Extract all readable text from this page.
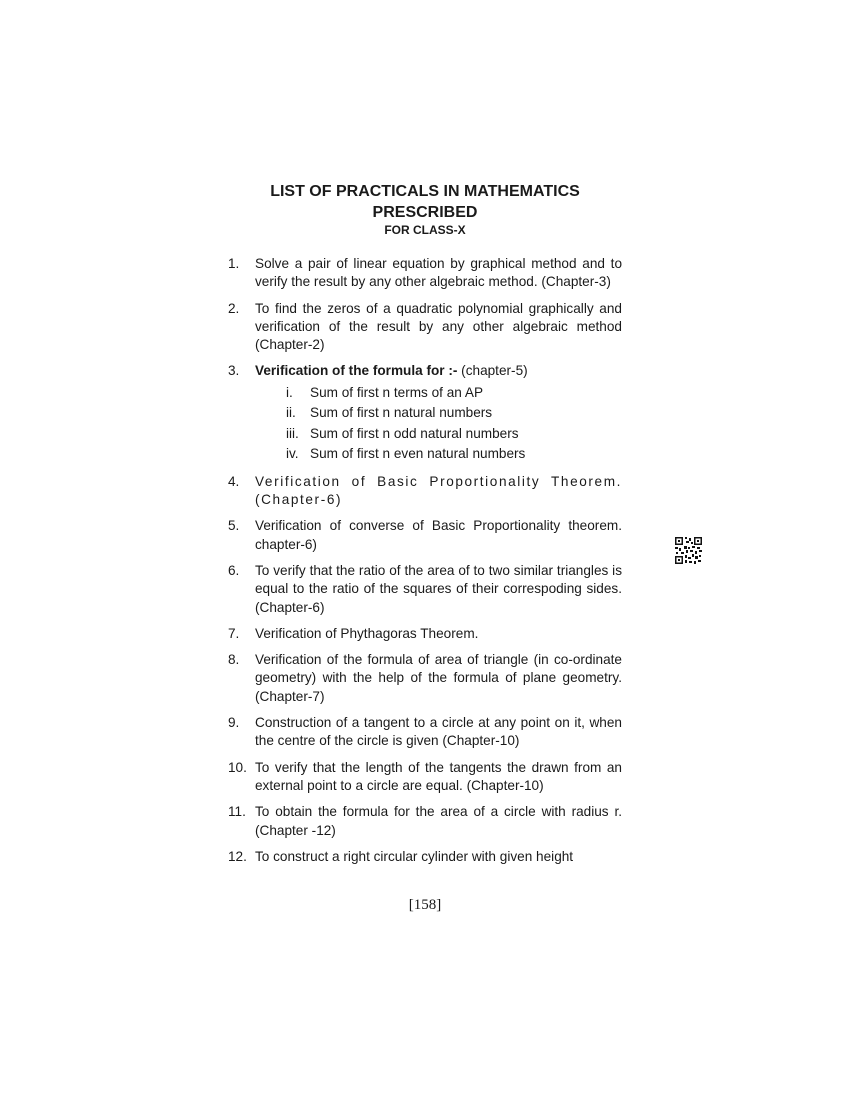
LIST OF PRACTICALS IN MATHEMATICS
PRESCRIBED
FOR CLASS-X
1. Solve a pair of linear equation by graphical method and to verify the result by any other algebraic method. (Chapter-3)
2. To find the zeros of a quadratic polynomial graphically and verification of the result by any other algebraic method (Chapter-2)
3. Verification of the formula for :- (chapter-5)
i. Sum of first n terms of an AP
ii. Sum of first n natural numbers
iii. Sum of first n odd natural numbers
iv. Sum of first n even natural numbers
4. Verification of Basic Proportionality Theorem. (Chapter-6)
5. Verification of converse of Basic Proportionality theorem. chapter-6)
6. To verify that the ratio of the area of to two similar triangles is equal to the ratio of the squares of their correspoding sides. (Chapter-6)
7. Verification of Phythagoras Theorem.
8. Verification of the formula of area of triangle (in co-ordinate geometry) with the help of the formula of plane geometry. (Chapter-7)
9. Construction of a tangent to a circle at any point on it, when the centre of the circle is given (Chapter-10)
10. To verify that the length of the tangents the drawn from an external point to a circle are equal. (Chapter-10)
11. To obtain the formula for the area of a circle with radius r. (Chapter -12)
12. To construct a right circular cylinder with given height
[158]
